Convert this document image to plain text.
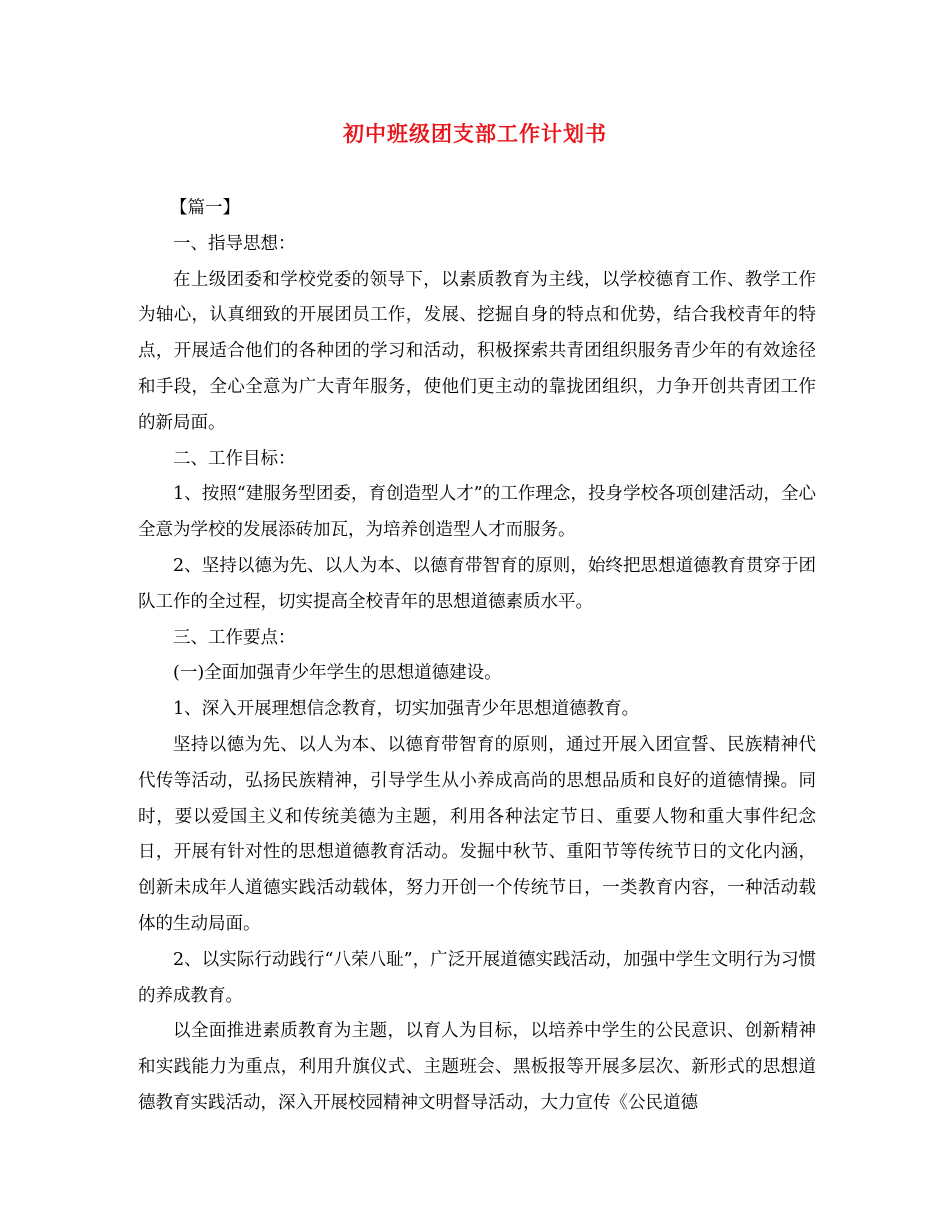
初中班级团支部工作计划书

【篇一】

一、指导思想：

在上级团委和学校党委的领导下，以素质教育为主线，以学校德育工作、教学工作为轴心，认真细致的开展团员工作，发展、挖掘自身的特点和优势，结合我校青年的特点，开展适合他们的各种团的学习和活动，积极探索共青团组织服务青少年的有效途径和手段，全心全意为广大青年服务，使他们更主动的靠拢团组织，力争开创共青团工作的新局面。

二、工作目标：

1、按照“建服务型团委，育创造型人才”的工作理念，投身学校各项创建活动，全心全意为学校的发展添砖加瓦，为培养创造型人才而服务。

2、坚持以德为先、以人为本、以德育带智育的原则，始终把思想道德教育贯穿于团队工作的全过程，切实提高全校青年的思想道德素质水平。

三、工作要点：

(一)全面加强青少年学生的思想道德建设。

1、深入开展理想信念教育，切实加强青少年思想道德教育。

坚持以德为先、以人为本、以德育带智育的原则，通过开展入团宣誓、民族精神代代传等活动，弘扬民族精神，引导学生从小养成高尚的思想品质和良好的道德情操。同时，要以爱国主义和传统美德为主题，利用各种法定节日、重要人物和重大事件纪念日，开展有针对性的思想道德教育活动。发掘中秋节、重阳节等传统节日的文化内涵，创新未成年人道德实践活动载体，努力开创一个传统节日，一类教育内容，一种活动载体的生动局面。

2、以实际行动践行“八荣八耻”，广泛开展道德实践活动，加强中学生文明行为习惯的养成教育。

以全面推进素质教育为主题，以育人为目标，以培养中学生的公民意识、创新精神和实践能力为重点，利用升旗仪式、主题班会、黑板报等开展多层次、新形式的思想道德教育实践活动，深入开展校园精神文明督导活动，大力宣传《公民道德
